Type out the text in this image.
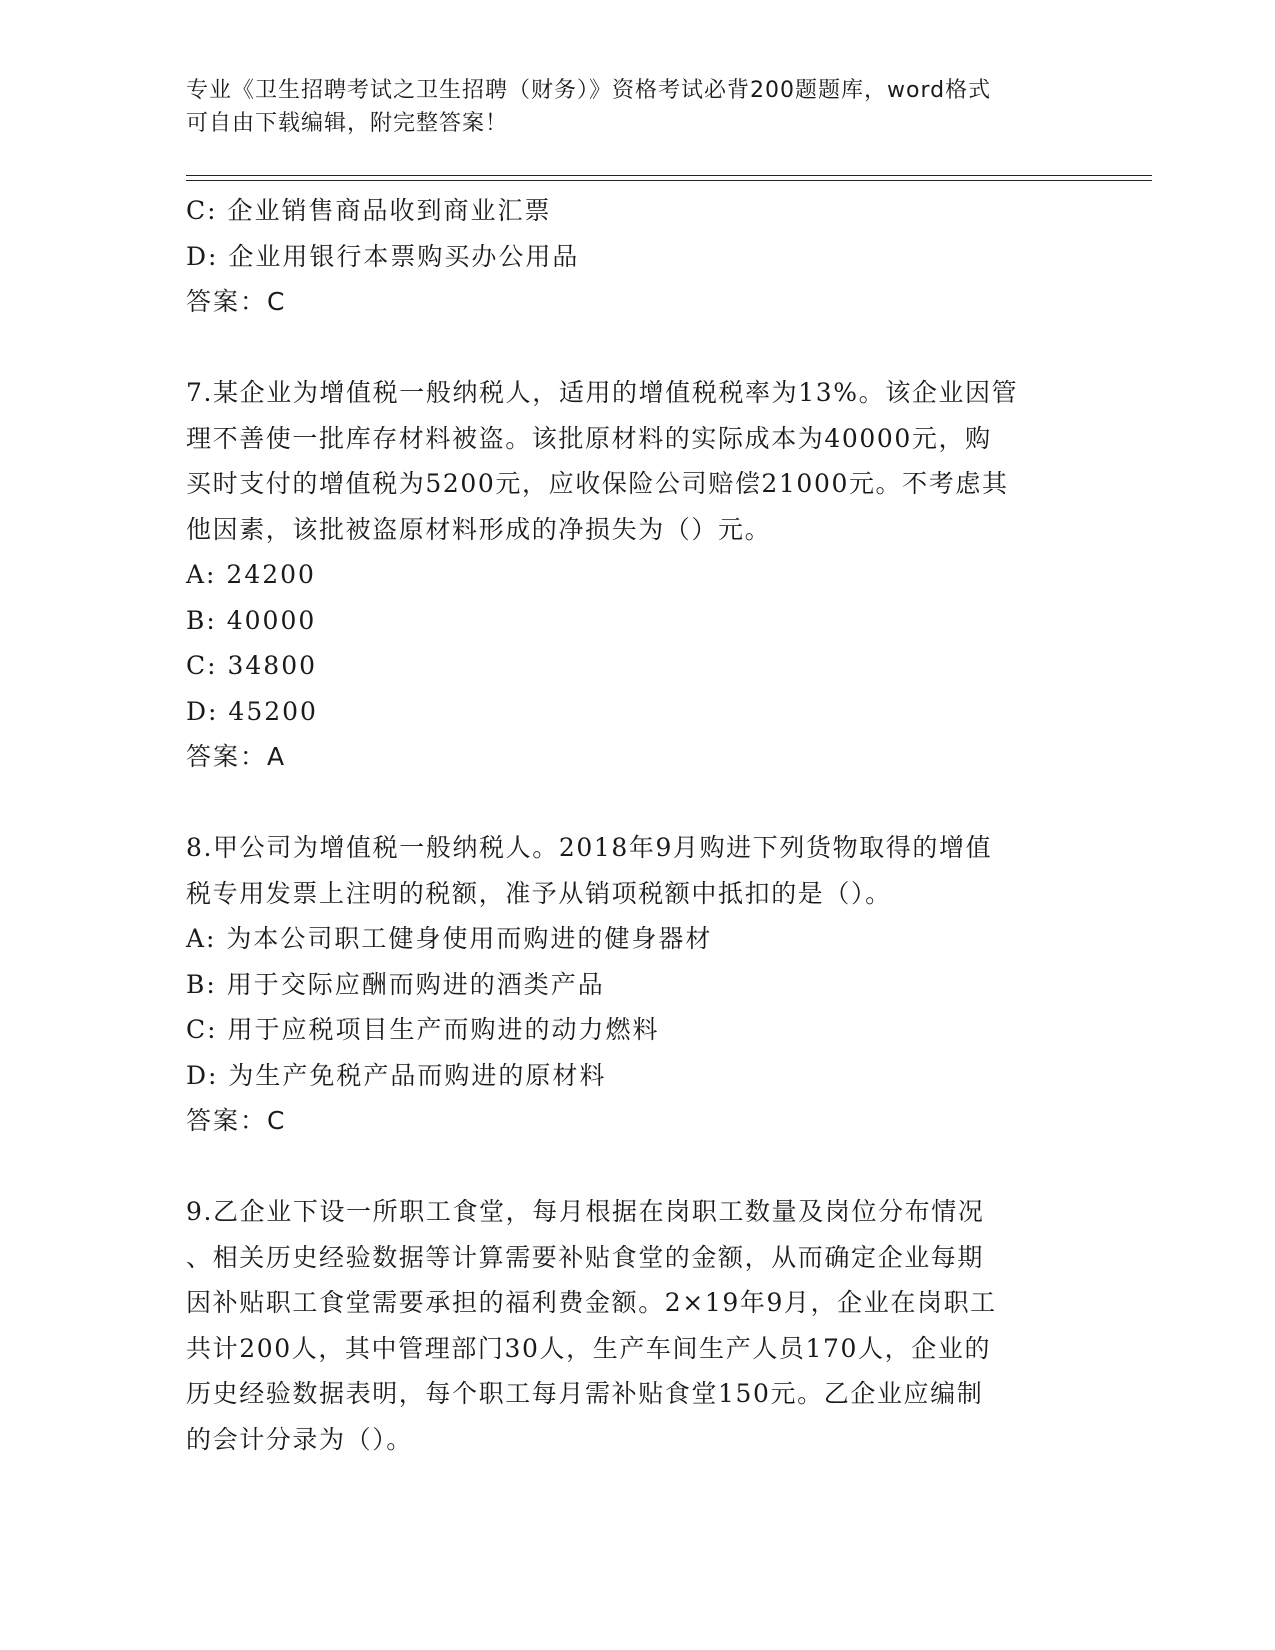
专业《卫生招聘考试之卫生招聘（财务）》资格考试必背200题题库，word格式
可自由下载编辑，附完整答案！
C: 企业销售商品收到商业汇票
D: 企业用银行本票购买办公用品
答案：C
7.某企业为增值税一般纳税人，适用的增值税税率为13%。该企业因管
理不善使一批库存材料被盗。该批原材料的实际成本为40000元，购
买时支付的增值税为5200元，应收保险公司赔偿21000元。不考虑其
他因素，该批被盗原材料形成的净损失为（）元。
A: 24200
B: 40000
C: 34800
D: 45200
答案：A
8.甲公司为增值税一般纳税人。2018年9月购进下列货物取得的增值
税专用发票上注明的税额，准予从销项税额中抵扣的是（）。
A: 为本公司职工健身使用而购进的健身器材
B: 用于交际应酬而购进的酒类产品
C: 用于应税项目生产而购进的动力燃料
D: 为生产免税产品而购进的原材料
答案：C
9.乙企业下设一所职工食堂，每月根据在岗职工数量及岗位分布情况
、相关历史经验数据等计算需要补贴食堂的金额，从而确定企业每期
因补贴职工食堂需要承担的福利费金额。2×19年9月，企业在岗职工
共计200人，其中管理部门30人，生产车间生产人员170人，企业的
历史经验数据表明，每个职工每月需补贴食堂150元。乙企业应编制
的会计分录为（）。
